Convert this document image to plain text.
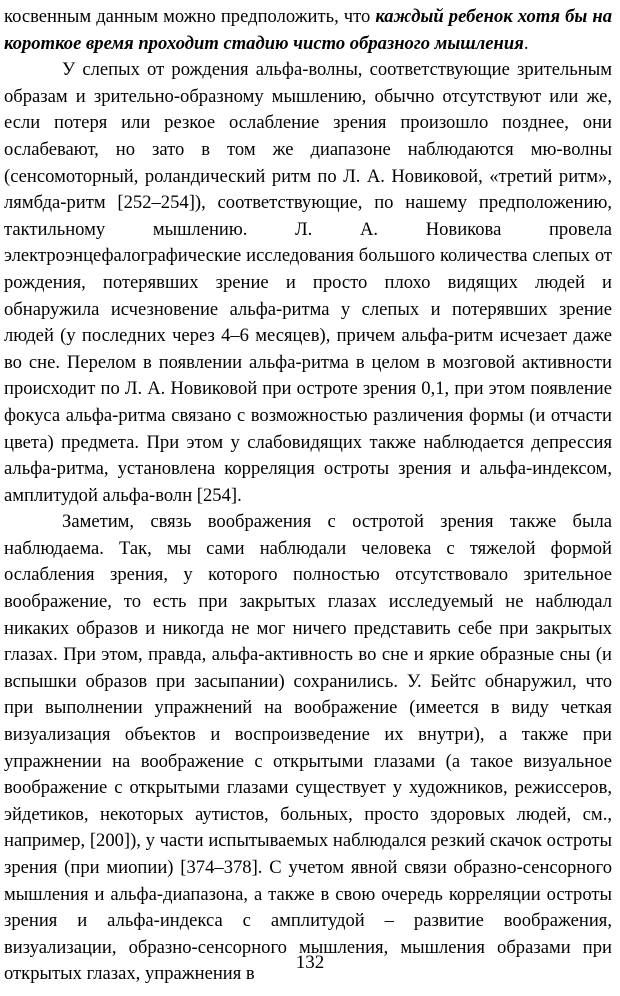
косвенным данным можно предположить, что каждый ребенок хотя бы на короткое время проходит стадию чисто образного мышления.

У слепых от рождения альфа-волны, соответствующие зрительным образам и зрительно-образному мышлению, обычно отсутствуют или же, если потеря или резкое ослабление зрения произошло позднее, они ослабевают, но зато в том же диапазоне наблюдаются мю-волны (сенсомоторный, роландический ритм по Л. А. Новиковой, «третий ритм», лямбда-ритм [252–254]), соответствующие, по нашему предположению, тактильному мышлению. Л. А. Новикова провела электроэнцефалографические исследования большого количества слепых от рождения, потерявших зрение и просто плохо видящих людей и обнаружила исчезновение альфа-ритма у слепых и потерявших зрение людей (у последних через 4–6 месяцев), причем альфа-ритм исчезает даже во сне. Перелом в появлении альфа-ритма в целом в мозговой активности происходит по Л. А. Новиковой при остроте зрения 0,1, при этом появление фокуса альфа-ритма связано с возможностью различения формы (и отчасти цвета) предмета. При этом у слабовидящих также наблюдается депрессия альфа-ритма, установлена корреляция остроты зрения и альфа-индексом, амплитудой альфа-волн [254].

Заметим, связь воображения с остротой зрения также была наблюдаема. Так, мы сами наблюдали человека с тяжелой формой ослабления зрения, у которого полностью отсутствовало зрительное воображение, то есть при закрытых глазах исследуемый не наблюдал никаких образов и никогда не мог ничего представить себе при закрытых глазах. При этом, правда, альфа-активность во сне и яркие образные сны (и вспышки образов при засыпании) сохранились. У. Бейтс обнаружил, что при выполнении упражнений на воображение (имеется в виду четкая визуализация объектов и воспроизведение их внутри), а также при упражнении на воображение с открытыми глазами (а такое визуальное воображение с открытыми глазами существует у художников, режиссеров, эйдетиков, некоторых аутистов, больных, просто здоровых людей, см., например, [200]), у части испытываемых наблюдался резкий скачок остроты зрения (при миопии) [374–378]. С учетом явной связи образно-сенсорного мышления и альфа-диапазона, а также в свою очередь корреляции остроты зрения и альфа-индекса с амплитудой – развитие воображения, визуализации, образно-сенсорного мышления, мышления образами при открытых глазах, упражнения в

132
